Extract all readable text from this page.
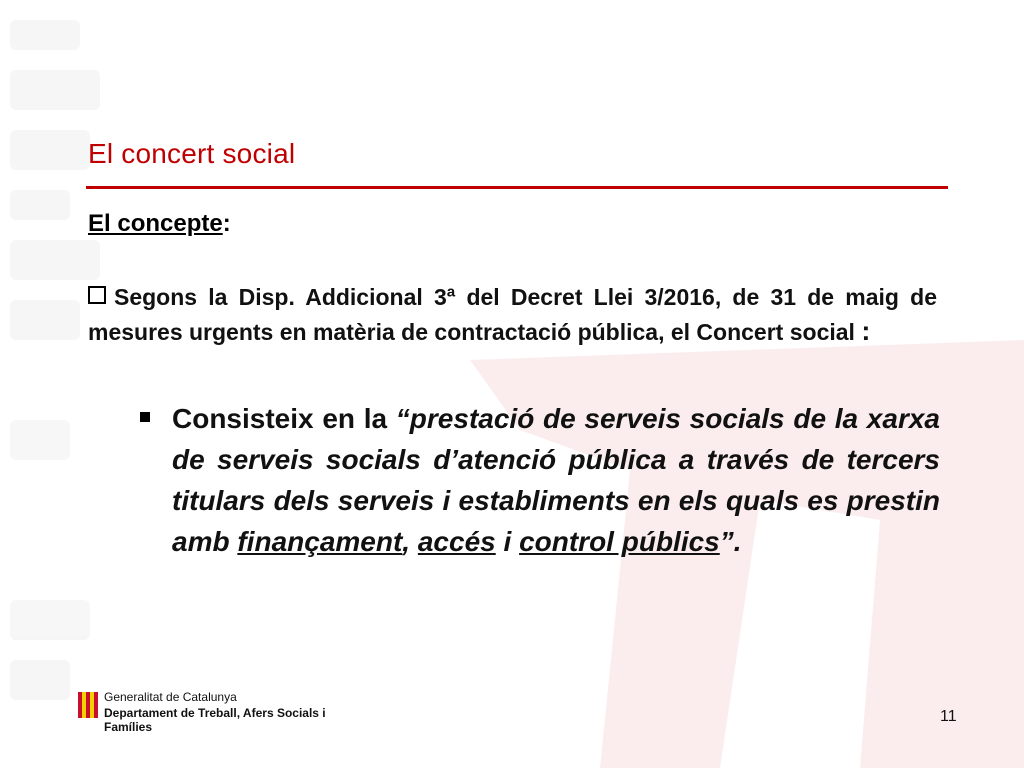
El concert social
El concepte:
Segons la Disp. Addicional 3ª del Decret Llei 3/2016, de 31 de maig de mesures urgents en matèria de contractació pública, el Concert social :
Consisteix en la “prestació de serveis socials de la xarxa de serveis socials d’atenció pública a través de tercers titulars dels serveis i establiments en els quals es prestin amb finançament, accés i control públics”.
Generalitat de Catalunya
Departament de Treball, Afers Socials i Famílies
11
